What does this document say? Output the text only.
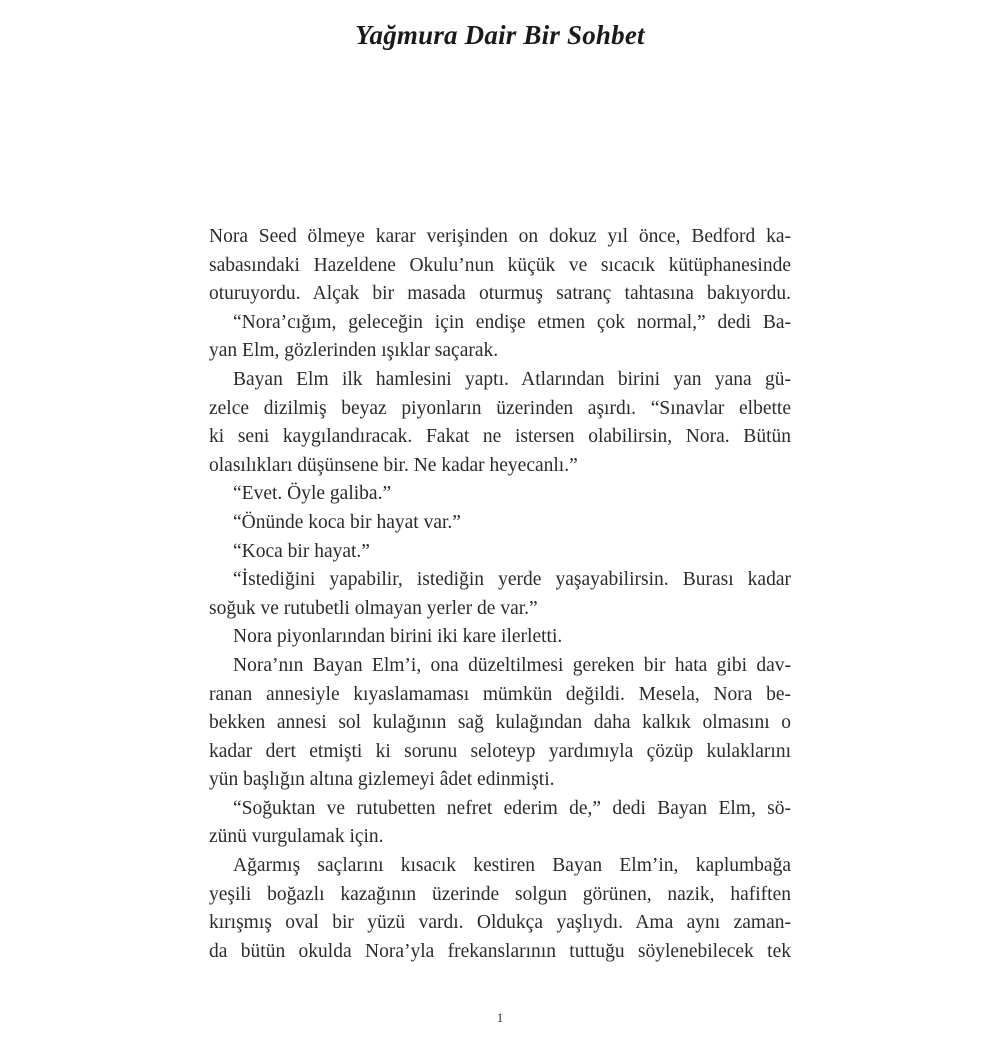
Yağmura Dair Bir Sohbet
Nora Seed ölmeye karar verişinden on dokuz yıl önce, Bedford ka-
sabasındaki Hazeldene Okulu’nun küçük ve sıcacık kütüphanesinde
oturuyordu. Alçak bir masada oturmuş satranç tahtasına bakıyordu.
“Nora’cığım, geleceğin için endişe etmen çok normal,” dedi Ba-
yan Elm, gözlerinden ışıklar saçarak.
Bayan Elm ilk hamlesini yaptı. Atlarından birini yan yana gü-
zelce dizilmiş beyaz piyonların üzerinden aşırdı. “Sınavlar elbette
ki seni kaygılandıracak. Fakat ne istersen olabilirsin, Nora. Bütün
olasılıkları düşünsene bir. Ne kadar heyecanlı.”
“Evet. Öyle galiba.”
“Önünde koca bir hayat var.”
“Koca bir hayat.”
“İstediğini yapabilir, istediğin yerde yaşayabilirsin. Burası kadar
soğuk ve rutubetli olmayan yerler de var.”
Nora piyonlarından birini iki kare ilerletti.
Nora’nın Bayan Elm’i, ona düzeltilmesi gereken bir hata gibi dav-
ranan annesiyle kıyaslamaması mümkün değildi. Mesela, Nora be-
bekken annesi sol kulağının sağ kulağından daha kalkık olmasını o
kadar dert etmişti ki sorunu seloteyp yardımıyla çözüp kulaklarını
yün başlığın altına gizlemeyi âdet edinmişti.
“Soğuktan ve rutubetten nefret ederim de,” dedi Bayan Elm, sö-
zünü vurgulamak için.
Ağarmış saçlarını kısacık kestiren Bayan Elm’in, kaplumbağa
yeşili boğazlı kazağının üzerinde solgun görünen, nazik, hafiften
kırışmış oval bir yüzü vardı. Oldukça yaşlıydı. Ama aynı zaman-
da bütün okulda Nora’yla frekanslarının tuttuğu söylenebilecek tek
1
